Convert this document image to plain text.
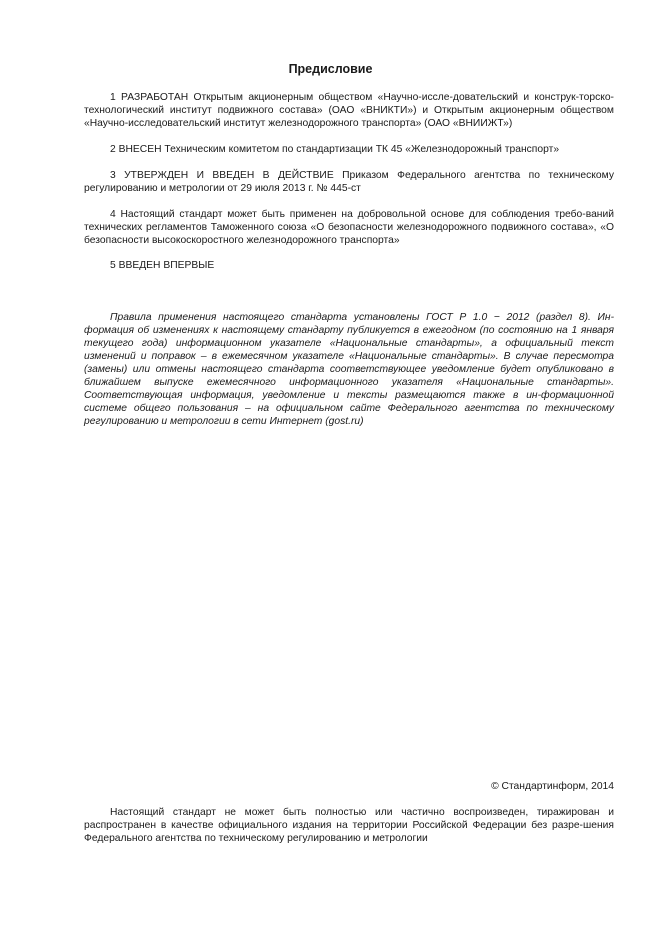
Предисловие
1 РАЗРАБОТАН Открытым акционерным обществом «Научно-иссле-довательский и конструк-торско-технологический институт подвижного состава» (ОАО «ВНИКТИ») и Открытым акционерным обществом «Научно-исследовательский институт железнодорожного транспорта» (ОАО «ВНИИЖТ»)
2 ВНЕСЕН Техническим комитетом по стандартизации ТК 45 «Железнодорожный транспорт»
3 УТВЕРЖДЕН И ВВЕДЕН В ДЕЙСТВИЕ Приказом Федерального агентства по техническому регулированию и метрологии от 29 июля 2013 г. № 445-ст
4 Настоящий стандарт может быть применен на добровольной основе для соблюдения требо-ваний технических регламентов Таможенного союза «О безопасности железнодорожного подвижного состава», «О безопасности высокоскоростного железнодорожного транспорта»
5 ВВЕДЕН ВПЕРВЫЕ
Правила применения настоящего стандарта установлены ГОСТ Р 1.0 − 2012 (раздел 8). Ин-формация об изменениях к настоящему стандарту публикуется в ежегодном (по состоянию на 1 января текущего года) информационном указателе «Национальные стандарты», а официальный текст изменений и поправок – в ежемесячном указателе «Национальные стандарты». В случае пересмотра (замены) или отмены настоящего стандарта соответствующее уведомление будет опубликовано в ближайшем выпуске ежемесячного информационного указателя «Национальные стандарты». Соответствующая информация, уведомление и тексты размещаются также в ин-формационной системе общего пользования – на официальном сайте Федерального агентства по техническому регулированию и метрологии в сети Интернет (gost.ru)
© Стандартинформ, 2014
Настоящий стандарт не может быть полностью или частично воспроизведен, тиражирован и распространен в качестве официального издания на территории Российской Федерации без разре-шения Федерального агентства по техническому регулированию и метрологии
